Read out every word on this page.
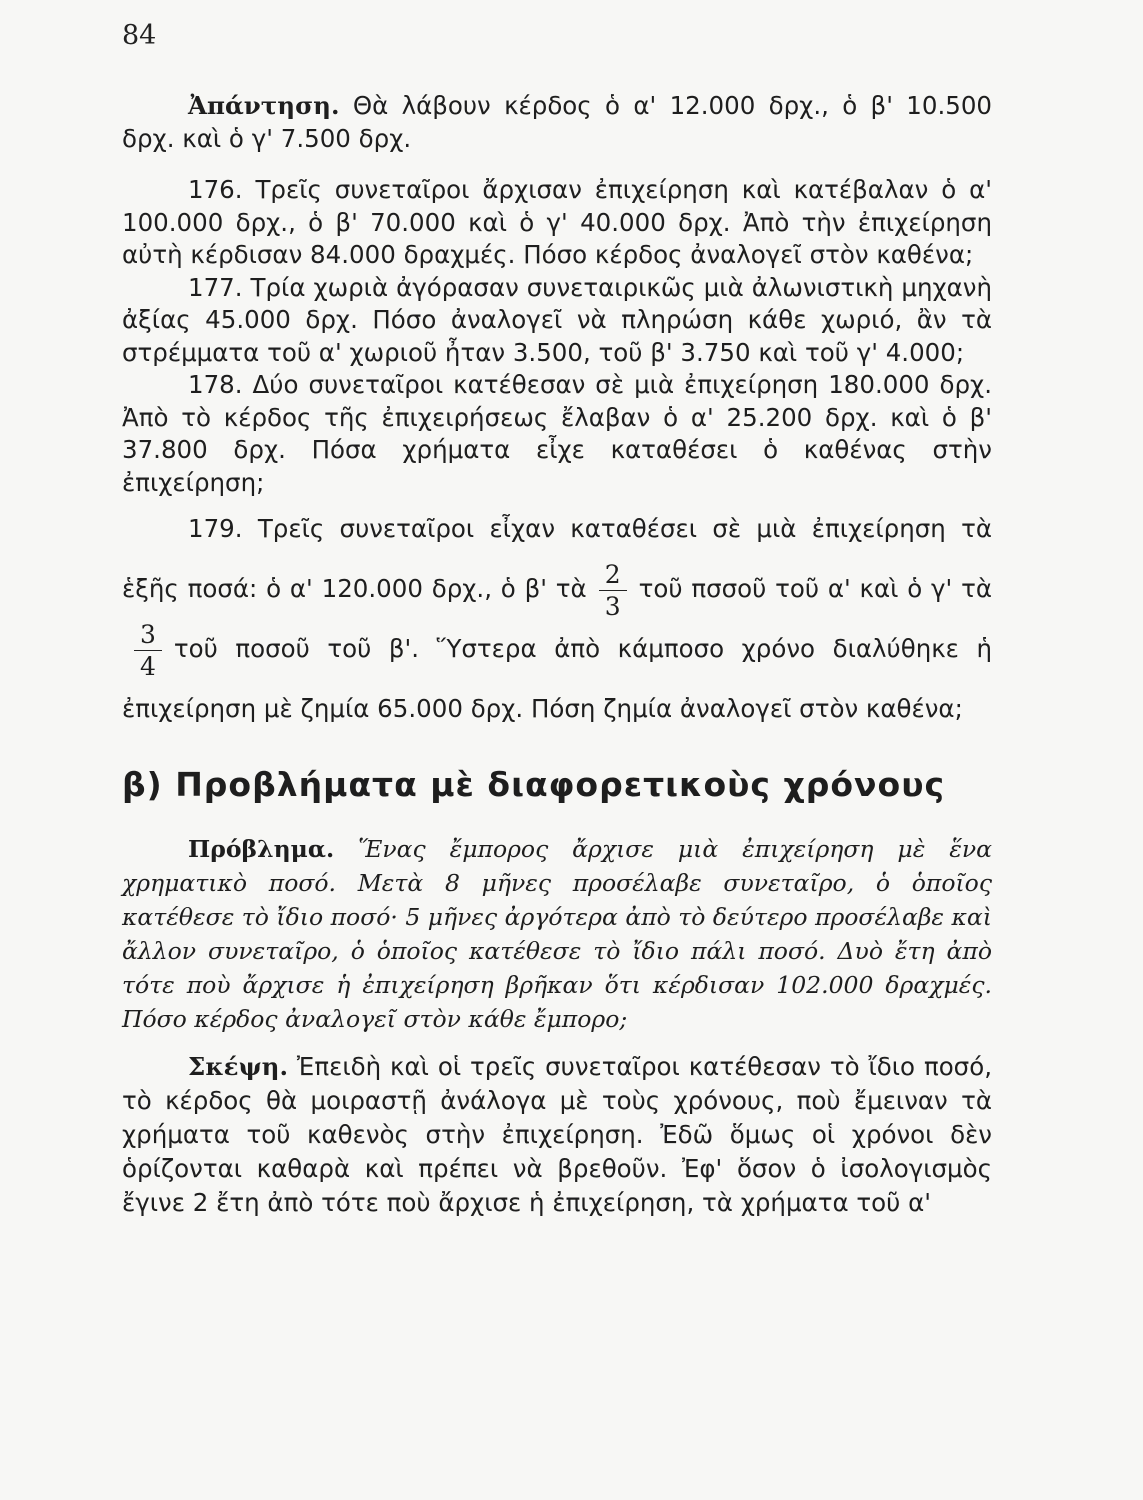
84

Ἀπάντηση. Θὰ λάβουν κέρδος ὁ α' 12.000 δρχ., ὁ β' 10.500 δρχ. καὶ ὁ γ' 7.500 δρχ.

176. Τρεῖς συνεταῖροι ἄρχισαν ἐπιχείρηση καὶ κατέβαλαν ὁ α' 100.000 δρχ., ὁ β' 70.000 καὶ ὁ γ' 40.000 δρχ. Ἀπὸ τὴν ἐπιχείρηση αὐτὴ κέρδισαν 84.000 δραχμές. Πόσο κέρδος ἀναλογεῖ στὸν καθένα;

177. Τρία χωριὰ ἀγόρασαν συνεταιρικῶς μιὰ ἀλωνιστικὴ μηχανὴ ἀξίας 45.000 δρχ. Πόσο ἀναλογεῖ νὰ πληρώση κάθε χωριό, ἂν τὰ στρέμματα τοῦ α' χωριοῦ ἦταν 3.500, τοῦ β' 3.750 καὶ τοῦ γ' 4.000;

178. Δύο συνεταῖροι κατέθεσαν σὲ μιὰ ἐπιχείρηση 180.000 δρχ. Ἀπὸ τὸ κέρδος τῆς ἐπιχειρήσεως ἔλαβαν ὁ α' 25.200 δρχ. καὶ ὁ β' 37.800 δρχ. Πόσα χρήματα εἶχε καταθέσει ὁ καθένας στὴν ἐπιχείρηση;

179. Τρεῖς συνεταῖροι εἶχαν καταθέσει σὲ μιὰ ἐπιχείρηση τὰ ἑξῆς ποσά: ὁ α' 120.000 δρχ., ὁ β' τὰ $\frac{2}{3}$ τοῦ πσσοῦ τοῦ α' καὶ ὁ γ' τὰ
$\frac{3}{4}$ τοῦ ποσοῦ τοῦ β'. Ὕστερα ἀπὸ κάμποσο χρόνο διαλύθηκε ἡ ἐπιχείρηση μὲ ζημία 65.000 δρχ. Πόση ζημία ἀναλογεῖ στὸν καθένα;

β) Προβλήματα μὲ διαφορετικοὺς χρόνους

Πρόβλημα. Ἕνας ἔμπορος ἄρχισε μιὰ ἐπιχείρηση μὲ ἕνα χρηματικὸ ποσό. Μετὰ 8 μῆνες προσέλαβε συνεταῖρο, ὁ ὁποῖος κατέθεσε τὸ ἴδιο ποσό· 5 μῆνες ἀργότερα ἀπὸ τὸ δεύτερο προσέλαβε καὶ ἄλλον συνεταῖρο, ὁ ὁποῖος κατέθεσε τὸ ἴδιο πάλι ποσό. Δυὸ ἔτη ἀπὸ τότε ποὺ ἄρχισε ἡ ἐπιχείρηση βρῆκαν ὅτι κέρδισαν 102.000 δραχμές. Πόσο κέρδος ἀναλογεῖ στὸν κάθε ἔμπορο;

Σκέψη. Ἐπειδὴ καὶ οἱ τρεῖς συνεταῖροι κατέθεσαν τὸ ἴδιο ποσό, τὸ κέρδος θὰ μοιραστῇ ἀνάλογα μὲ τοὺς χρόνους, ποὺ ἔμειναν τὰ χρήματα τοῦ καθενὸς στὴν ἐπιχείρηση. Ἐδῶ ὅμως οἱ χρόνοι δὲν ὁρίζονται καθαρὰ καὶ πρέπει νὰ βρεθοῦν. Ἐφ' ὅσον ὁ ἰσολογισμὸς ἔγινε 2 ἔτη ἀπὸ τότε ποὺ ἄρχισε ἡ ἐπιχείρηση, τὰ χρήματα τοῦ α'
